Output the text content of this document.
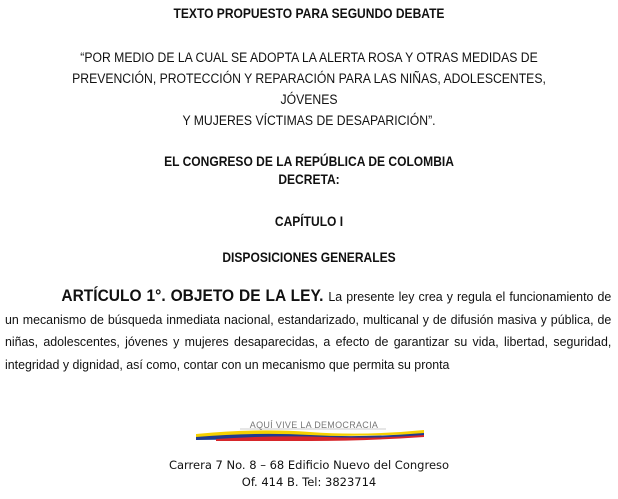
TEXTO PROPUESTO PARA SEGUNDO DEBATE
“POR MEDIO DE LA CUAL SE ADOPTA LA ALERTA ROSA Y OTRAS MEDIDAS DE
PREVENCIÓN, PROTECCIÓN Y REPARACIÓN PARA LAS NIÑAS, ADOLESCENTES, JÓVENES
Y MUJERES VÍCTIMAS DE DESAPARICIÓN”.
EL CONGRESO DE LA REPÚBLICA DE COLOMBIA
DECRETA:
CAPÍTULO I
DISPOSICIONES GENERALES
ARTÍCULO 1°. OBJETO DE LA LEY. La presente ley crea y regula el funcionamiento de un mecanismo de búsqueda inmediata nacional, estandarizado, multicanal y de difusión masiva y pública, de niñas, adolescentes, jóvenes y mujeres desaparecidas, a efecto de garantizar su vida, libertad, seguridad, integridad y dignidad, así como, contar con un mecanismo que permita su pronta
AQUÍ VIVE LA DEMOCRACIA
Carrera 7 No. 8 – 68 Edificio Nuevo del Congreso
Of. 414 B. Tel: 3823714
